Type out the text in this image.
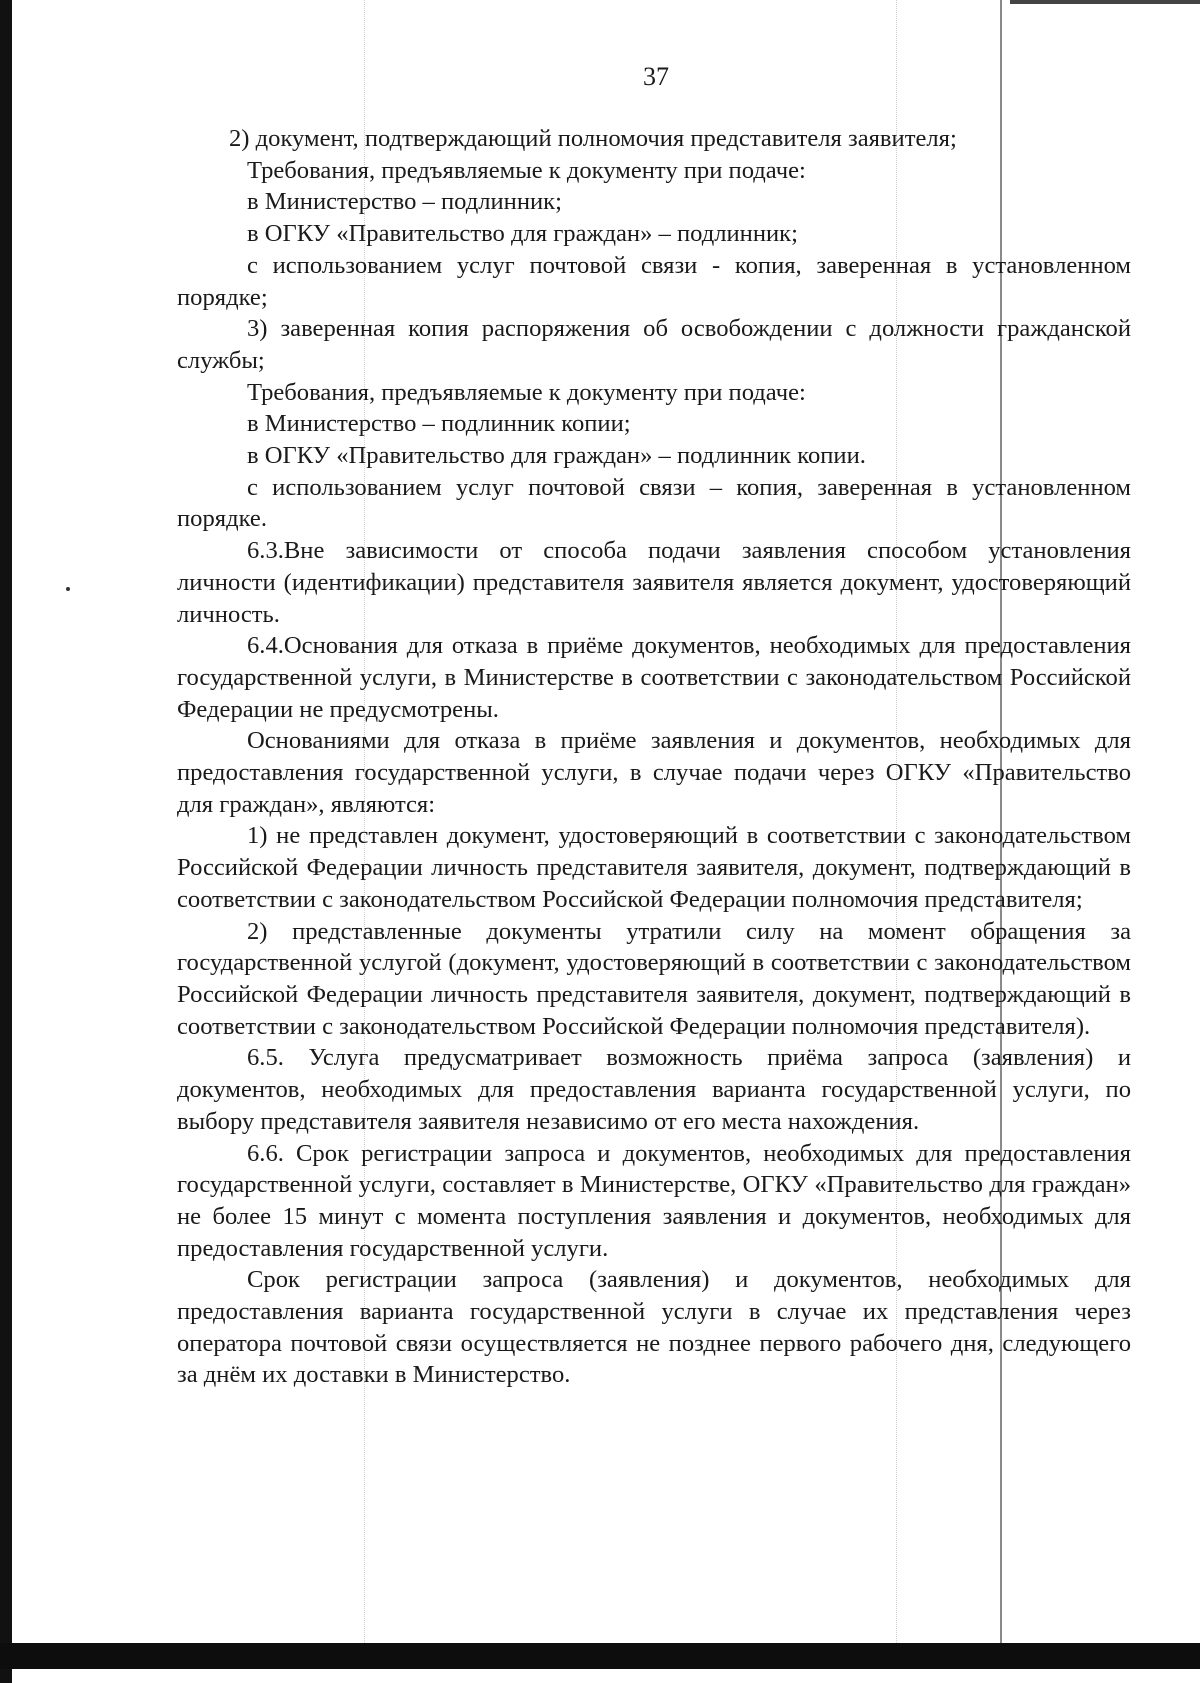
37

2) документ, подтверждающий полномочия представителя заявителя;

Требования, предъявляемые к документу при подаче:

в Министерство – подлинник;

в ОГКУ «Правительство для граждан» – подлинник;

с использованием услуг почтовой связи - копия, заверенная в установленном порядке;

3) заверенная копия распоряжения об освобождении с должности гражданской службы;

Требования, предъявляемые к документу при подаче:

в Министерство – подлинник копии;

в ОГКУ «Правительство для граждан» – подлинник копии.

с использованием услуг почтовой связи – копия, заверенная в установленном порядке.

6.3.Вне зависимости от способа подачи заявления способом установления личности (идентификации) представителя заявителя является документ, удостоверяющий личность.

6.4.Основания для отказа в приёме документов, необходимых для предоставления государственной услуги, в Министерстве в соответствии с законодательством Российской Федерации не предусмотрены.

Основаниями для отказа в приёме заявления и документов, необходимых для предоставления государственной услуги, в случае подачи через ОГКУ «Правительство для граждан», являются:

1) не представлен документ, удостоверяющий в соответствии с законодательством Российской Федерации личность представителя заявителя, документ, подтверждающий в соответствии с законодательством Российской Федерации полномочия представителя;

2) представленные документы утратили силу на момент обращения за государственной услугой (документ, удостоверяющий в соответствии с законодательством Российской Федерации личность представителя заявителя, документ, подтверждающий в соответствии с законодательством Российской Федерации полномочия представителя).

6.5. Услуга предусматривает возможность приёма запроса (заявления) и документов, необходимых для предоставления варианта государственной услуги, по выбору представителя заявителя независимо от его места нахождения.

6.6. Срок регистрации запроса и документов, необходимых для предоставления государственной услуги, составляет в Министерстве, ОГКУ «Правительство для граждан» не более 15 минут с момента поступления заявления и документов, необходимых для предоставления государственной услуги.

Срок регистрации запроса (заявления) и документов, необходимых для предоставления варианта государственной услуги в случае их представления через оператора почтовой связи осуществляется не позднее первого рабочего дня, следующего за днём их доставки в Министерство.
